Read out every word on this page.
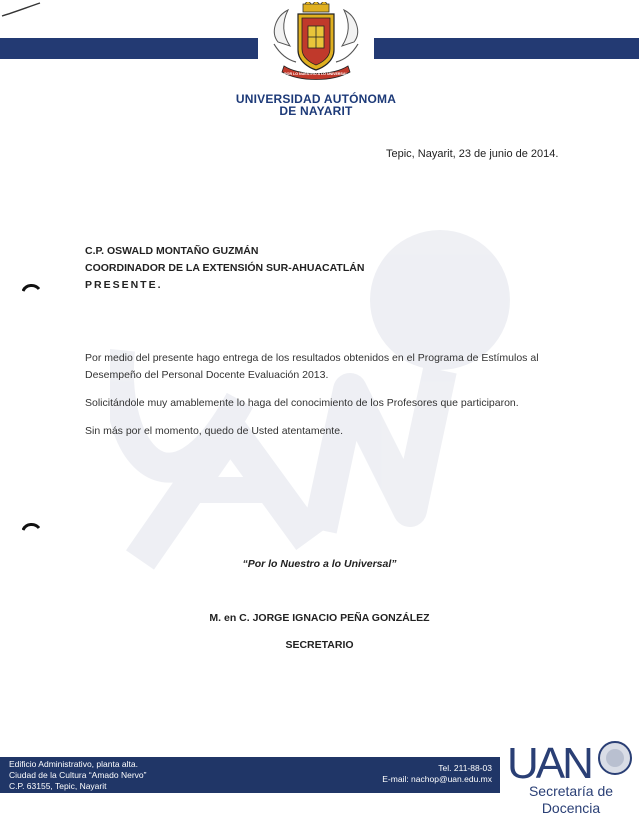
POR LO NUESTRO A LO UNIVERSAL
UNIVERSIDAD AUTÓNOMA
DE NAYARIT
Tepic, Nayarit, 23 de junio de 2014.
C.P. OSWALD MONTAÑO GUZMÁN
COORDINADOR DE LA EXTENSIÓN SUR-AHUACATLÁN
PRESENTE.
Por medio del presente hago entrega de los resultados obtenidos en el Programa de Estímulos al Desempeño del Personal Docente Evaluación 2013.
Solicitándole muy amablemente lo haga del conocimiento de los Profesores que participaron.
Sin más por el momento, quedo de Usted atentamente.
“Por lo Nuestro a lo Universal”
M. en C. JORGE IGNACIO PEÑA GONZÁLEZ
SECRETARIO
Edificio Administrativo, planta alta.
Ciudad de la Cultura “Amado Nervo”
C.P. 63155, Tepic, Nayarit
Tel. 211-88-03
E-mail: nachop@uan.edu.mx UAN
Secretaría de
Docencia
